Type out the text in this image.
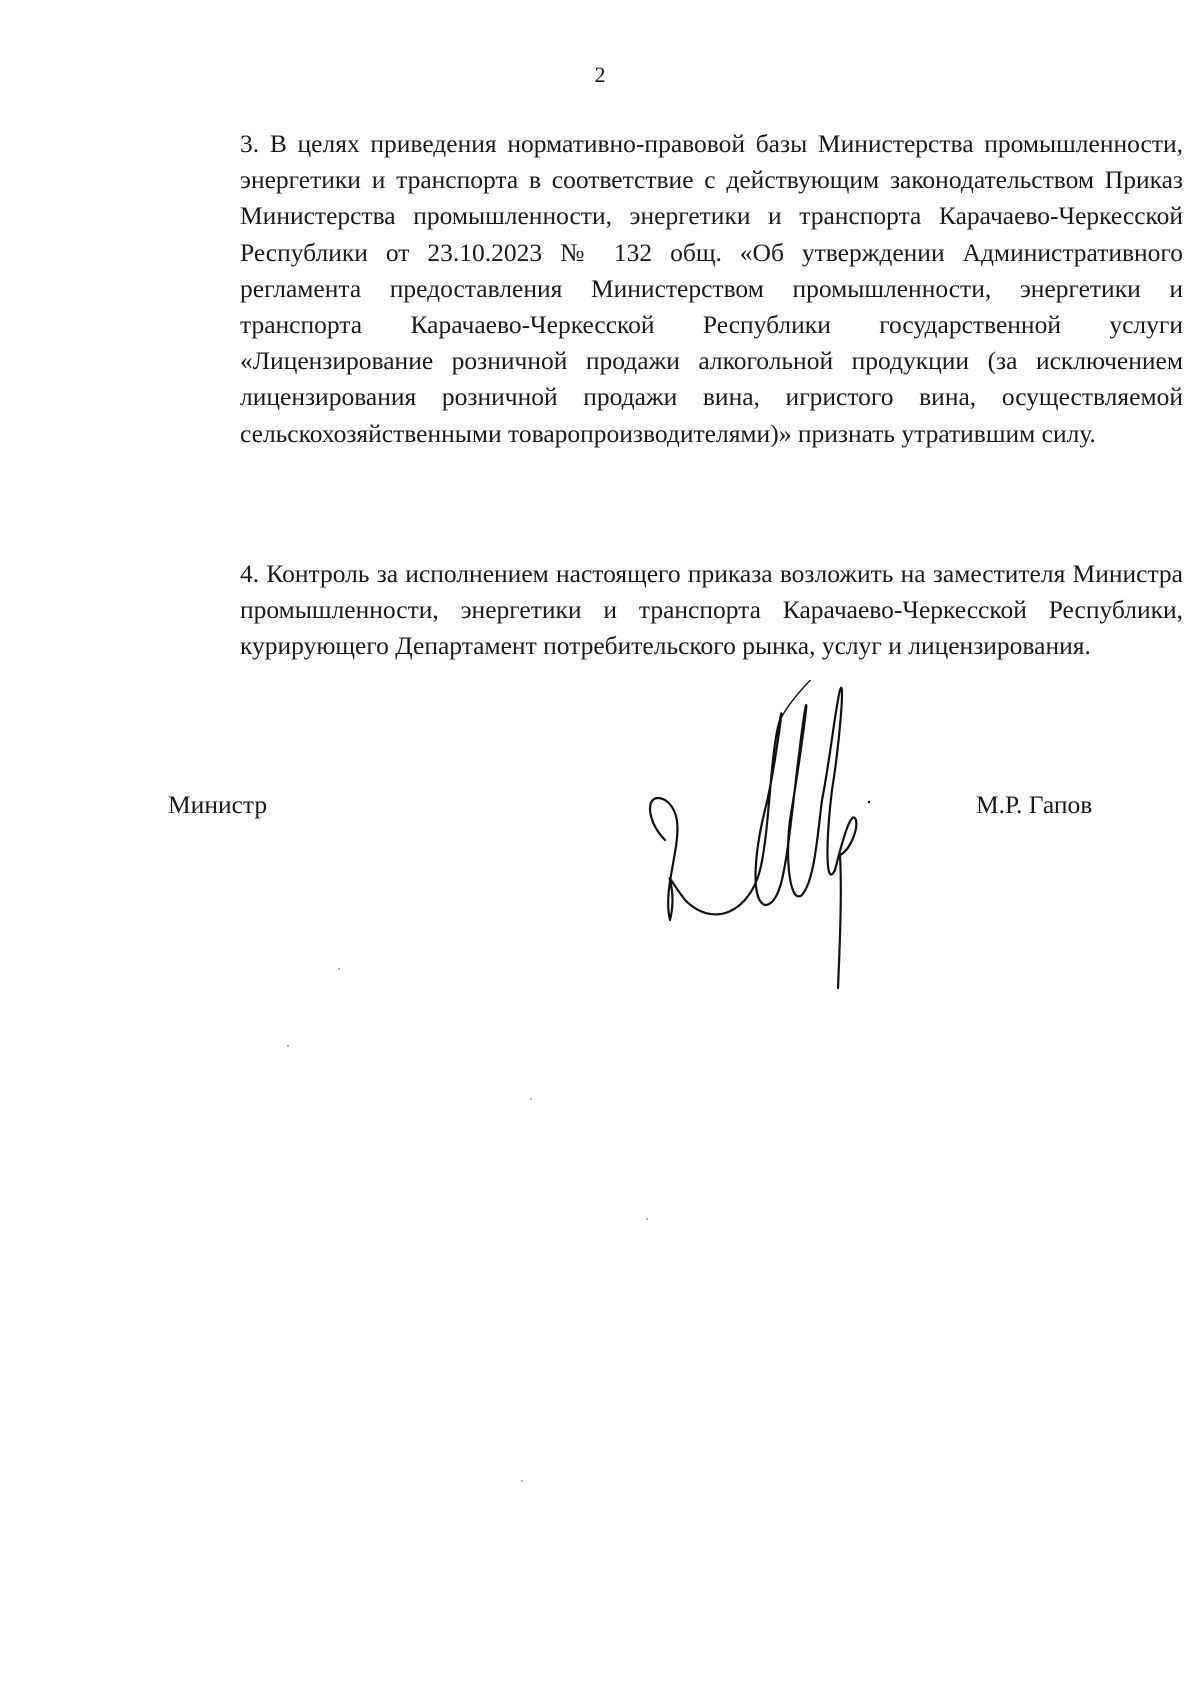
2

3. В целях приведения нормативно-правовой базы Министерства промышленности, энергетики и транспорта в соответствие с действующим законодательством Приказ Министерства промышленности, энергетики и транспорта Карачаево-Черкесской Республики от 23.10.2023 № 132 общ. «Об утверждении Административного регламента предоставления Министерством промышленности, энергетики и транспорта Карачаево-Черкесской Республики государственной услуги «Лицензирование розничной продажи алкогольной продукции (за исключением лицензирования розничной продажи вина, игристого вина, осуществляемой сельскохозяйственными товаропроизводителями)» признать утратившим силу.

4. Контроль за исполнением настоящего приказа возложить на заместителя Министра промышленности, энергетики и транспорта Карачаево-Черкесской Республики, курирующего Департамент потребительского рынка, услуг и лицензирования.

Министр	М.Р. Гапов
